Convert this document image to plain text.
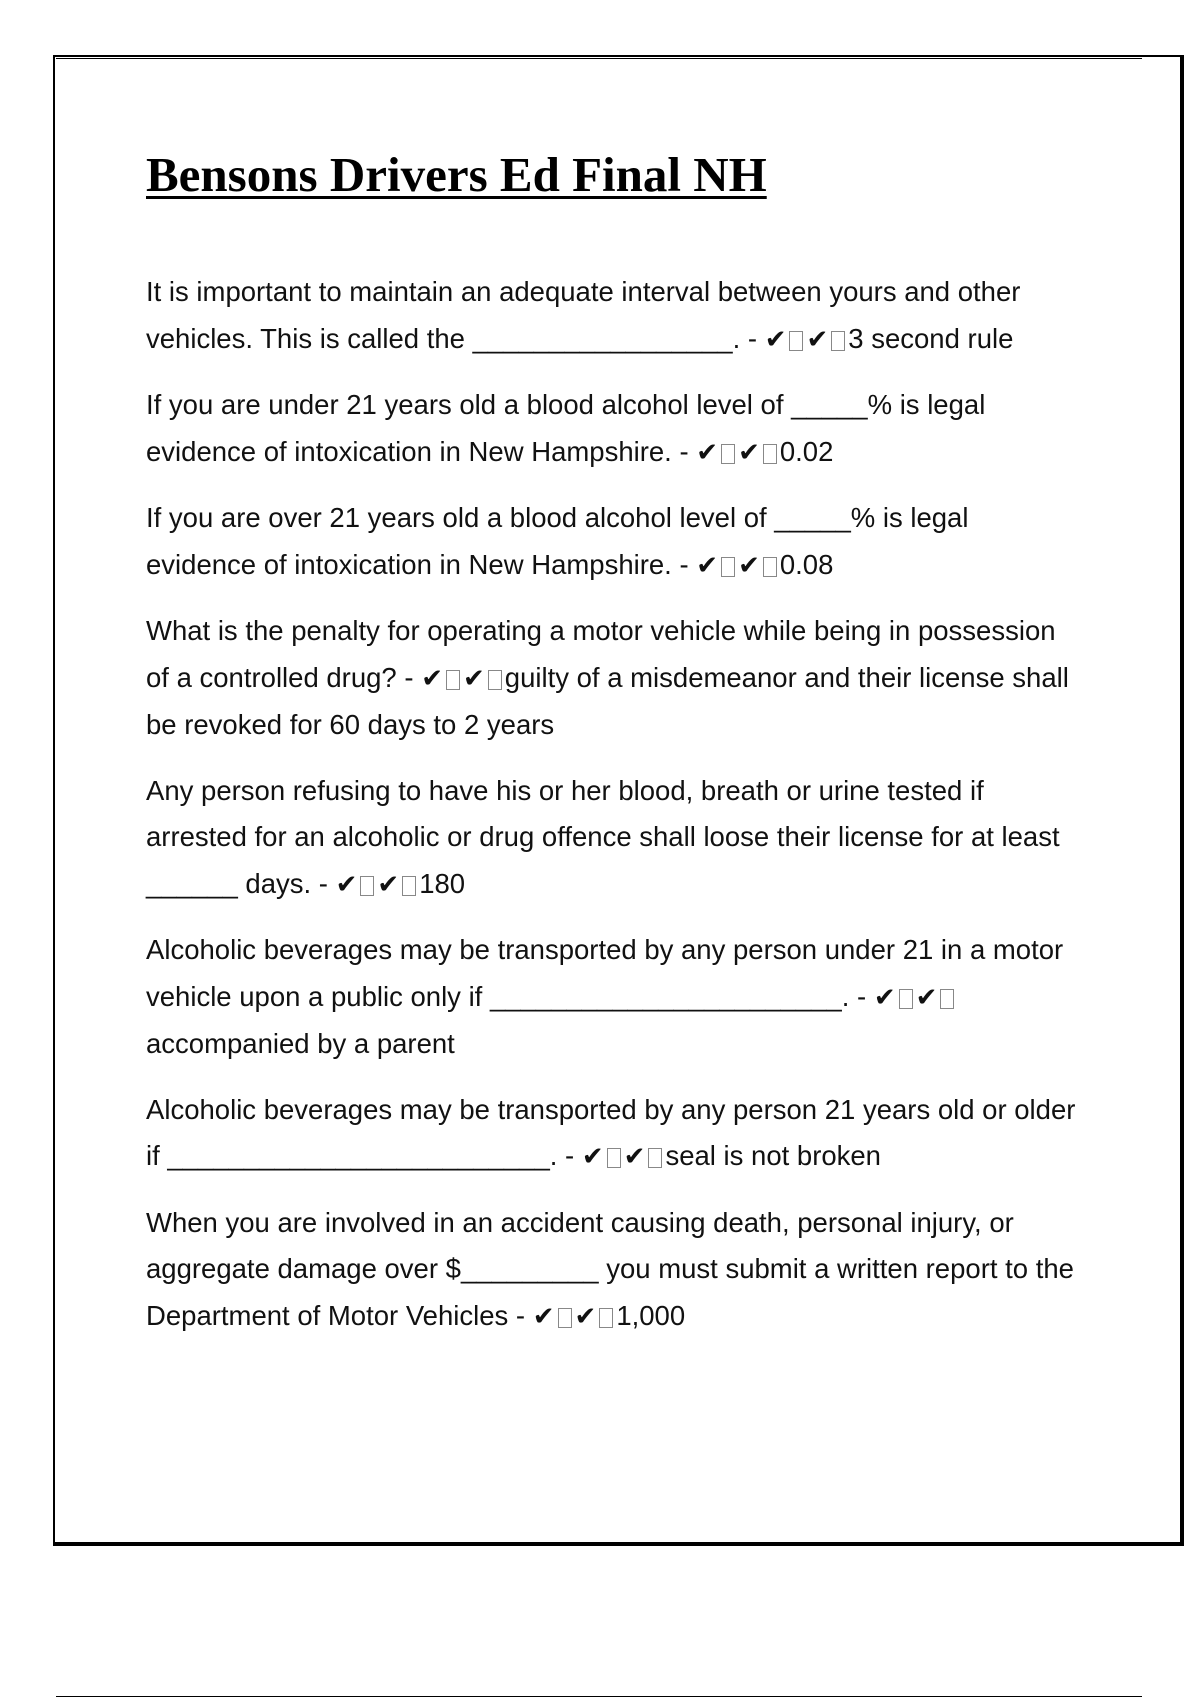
Bensons Drivers Ed Final NH

It is important to maintain an adequate interval between yours and other vehicles. This is called the _________________. - ✔ ✔ 3 second rule

If you are under 21 years old a blood alcohol level of _____% is legal evidence of intoxication in New Hampshire. - ✔ ✔ 0.02

If you are over 21 years old a blood alcohol level of _____% is legal evidence of intoxication in New Hampshire. - ✔ ✔ 0.08

What is the penalty for operating a motor vehicle while being in possession of a controlled drug? - ✔ ✔ guilty of a misdemeanor and their license shall be revoked for 60 days to 2 years

Any person refusing to have his or her blood, breath or urine tested if arrested for an alcoholic or drug offence shall loose their license for at least ______ days. - ✔ ✔ 180

Alcoholic beverages may be transported by any person under 21 in a motor vehicle upon a public only if _______________________. - ✔ ✔accompanied by a parent

Alcoholic beverages may be transported by any person 21 years old or older if _________________________. - ✔ ✔ seal is not broken

When you are involved in an accident causing death, personal injury, or aggregate damage over $_________ you must submit a written report to the Department of Motor Vehicles - ✔ ✔ 1,000
